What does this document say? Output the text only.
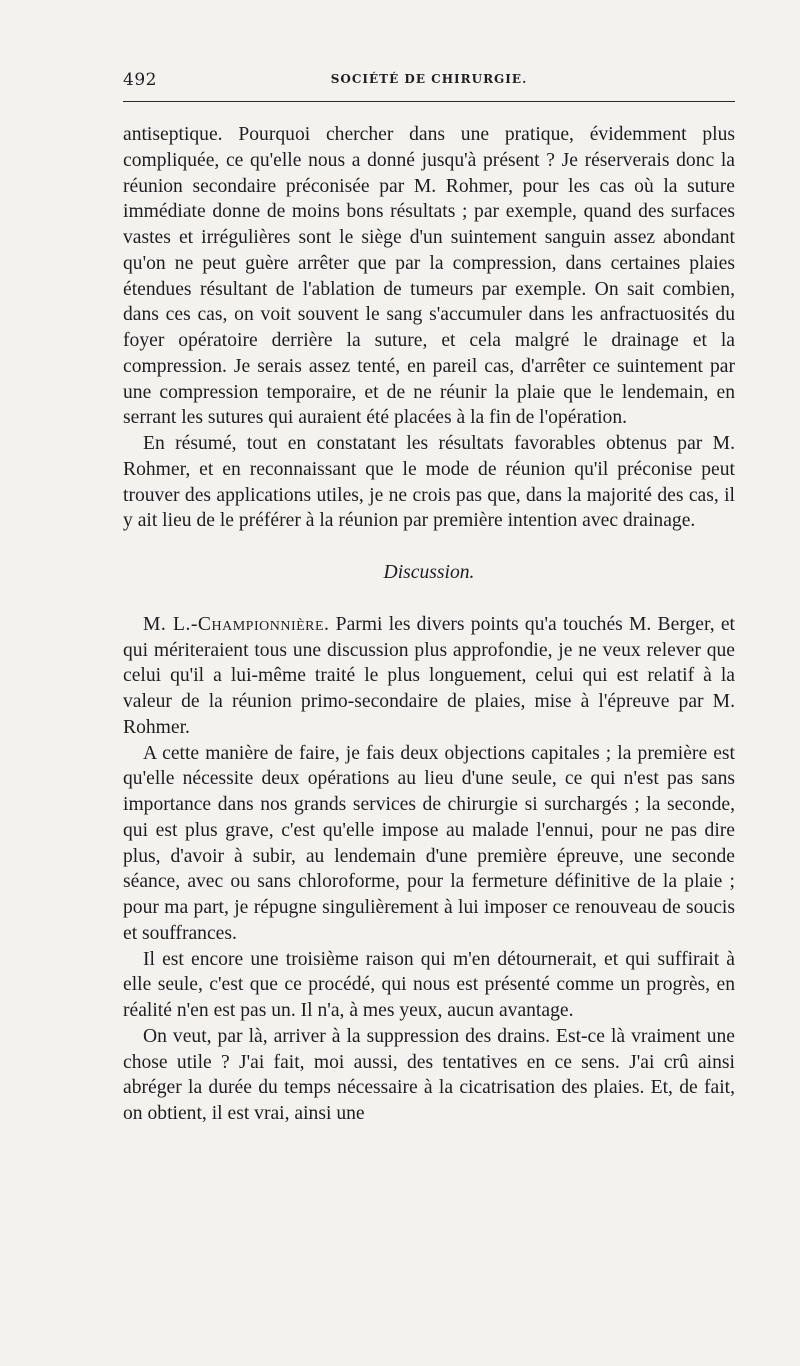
492	SOCIÉTÉ DE CHIRURGIE.

antiseptique. Pourquoi chercher dans une pratique, évidemment plus compliquée, ce qu'elle nous a donné jusqu'à présent ? Je réserverais donc la réunion secondaire préconisée par M. Rohmer, pour les cas où la suture immédiate donne de moins bons résultats ; par exemple, quand des surfaces vastes et irrégulières sont le siège d'un suintement sanguin assez abondant qu'on ne peut guère arrêter que par la compression, dans certaines plaies étendues résultant de l'ablation de tumeurs par exemple. On sait combien, dans ces cas, on voit souvent le sang s'accumuler dans les anfractuosités du foyer opératoire derrière la suture, et cela malgré le drainage et la compression. Je serais assez tenté, en pareil cas, d'arrêter ce suintement par une compression temporaire, et de ne réunir la plaie que le lendemain, en serrant les sutures qui auraient été placées à la fin de l'opération.

En résumé, tout en constatant les résultats favorables obtenus par M. Rohmer, et en reconnaissant que le mode de réunion qu'il préconise peut trouver des applications utiles, je ne crois pas que, dans la majorité des cas, il y ait lieu de le préférer à la réunion par première intention avec drainage.

Discussion.

M. L.-Championnière. Parmi les divers points qu'a touchés M. Berger, et qui mériteraient tous une discussion plus approfondie, je ne veux relever que celui qu'il a lui-même traité le plus longuement, celui qui est relatif à la valeur de la réunion primo-secondaire de plaies, mise à l'épreuve par M. Rohmer.

A cette manière de faire, je fais deux objections capitales ; la première est qu'elle nécessite deux opérations au lieu d'une seule, ce qui n'est pas sans importance dans nos grands services de chirurgie si surchargés ; la seconde, qui est plus grave, c'est qu'elle impose au malade l'ennui, pour ne pas dire plus, d'avoir à subir, au lendemain d'une première épreuve, une seconde séance, avec ou sans chloroforme, pour la fermeture définitive de la plaie ; pour ma part, je répugne singulièrement à lui imposer ce renouveau de soucis et souffrances.

Il est encore une troisième raison qui m'en détournerait, et qui suffirait à elle seule, c'est que ce procédé, qui nous est présenté comme un progrès, en réalité n'en est pas un. Il n'a, à mes yeux, aucun avantage.

On veut, par là, arriver à la suppression des drains. Est-ce là vraiment une chose utile ? J'ai fait, moi aussi, des tentatives en ce sens. J'ai crû ainsi abréger la durée du temps nécessaire à la cicatrisation des plaies. Et, de fait, on obtient, il est vrai, ainsi une
